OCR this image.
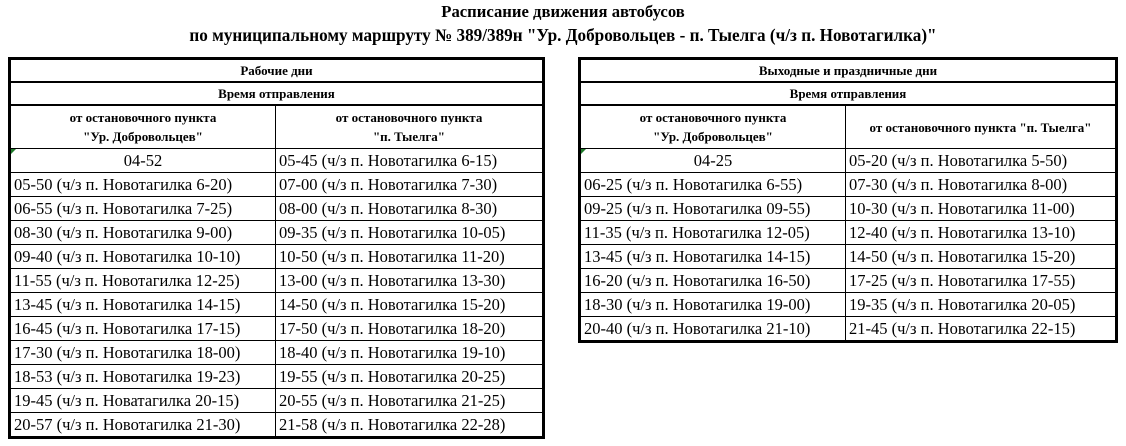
Расписание движения автобусов
по муниципальному маршруту № 389/389н "Ур. Добровольцев - п. Тыелга (ч/з п. Новотагилка)"
Рабочие дни	
Время отправления	

от остановочного пункта
"Ур. Добровольцев"

от остановочного пункта
"п. Тыелга"

04-52	05-45 (ч/з п. Новотагилка 6-15)
05-50 (ч/з п. Новотагилка 6-20)	07-00 (ч/з п. Новотагилка 7-30)
06-55 (ч/з п. Новотагилка 7-25)	08-00 (ч/з п. Новотагилка 8-30)
08-30 (ч/з п. Новотагилка 9-00)	09-35 (ч/з п. Новотагилка 10-05)
09-40 (ч/з п. Новотагилка 10-10)	10-50 (ч/з п. Новотагилка 11-20)
11-55 (ч/з п. Новотагилка 12-25)	13-00 (ч/з п. Новотагилка 13-30)
13-45 (ч/з п. Новотагилка 14-15)	14-50 (ч/з п. Новотагилка 15-20)
16-45 (ч/з п. Новотагилка 17-15)	17-50 (ч/з п. Новотагилка 18-20)
17-30 (ч/з п. Новотагилка 18-00)	18-40 (ч/з п. Новотагилка 19-10)
18-53 (ч/з п. Новотагилка 19-23)	19-55 (ч/з п. Новотагилка 20-25)
19-45 (ч/з п. Новатагилка 20-15)	20-55 (ч/з п. Новотагилка 21-25)
20-57 (ч/з п. Новотагилка 21-30)	21-58 (ч/з п. Новотагилка 22-28)
Выходные и праздничные дни	
Время отправления	

от остановочного пункта
"Ур. Добровольцев"	от остановочного пункта "п. Тыелга"

04-25	05-20 (ч/з п. Новотагилка 5-50)
06-25 (ч/з п. Новотагилка 6-55)	07-30 (ч/з п. Новотагилка 8-00)
09-25 (ч/з п. Новотагилка 09-55)	10-30 (ч/з п. Новотагилка 11-00)
11-35 (ч/з п. Новотагилка 12-05)	12-40 (ч/з п. Новотагилка 13-10)
13-45 (ч/з п. Новотагилка 14-15)	14-50 (ч/з п. Новотагилка 15-20)
16-20 (ч/з п. Новотагилка 16-50)	17-25 (ч/з п. Новотагилка 17-55)
18-30 (ч/з п. Новотагилка 19-00)	19-35 (ч/з п. Новотагилка 20-05)
20-40 (ч/з п. Новотагилка 21-10)	21-45 (ч/з п. Новотагилка 22-15)
